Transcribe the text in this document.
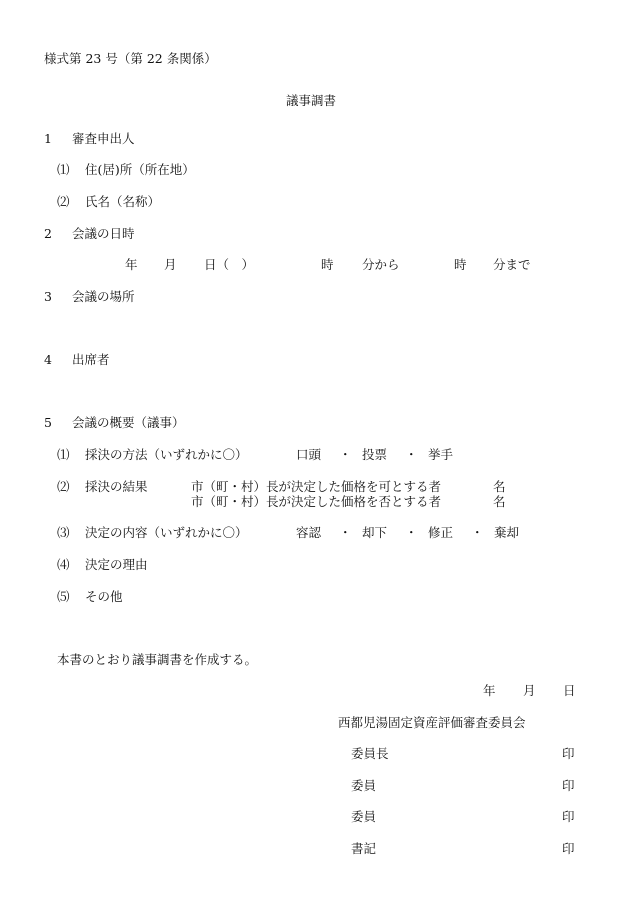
様式第 23 号（第 22 条関係）
議事調書
1 審査申出人
⑴ 住(居)所（所在地）
⑵ 氏名（名称）
2 会議の日時
年 月 日（　）	時 分から	時 分まで
3 会議の場所
4 出席者
5 会議の概要（議事）
⑴ 採決の方法（いずれかに〇）	口頭 ・ 投票 ・ 挙手
⑵ 採決の結果	市（町・村）長が決定した価格を可とする者	名
市（町・村）長が決定した価格を否とする者	名
⑶ 決定の内容（いずれかに〇）	容認 ・ 却下 ・ 修正 ・ 棄却
⑷ 決定の理由
⑸ その他
本書のとおり議事調書を作成する。
年 月 日
西都児湯固定資産評価審査委員会
委員長	印
委員	印
委員	印
書記	印
